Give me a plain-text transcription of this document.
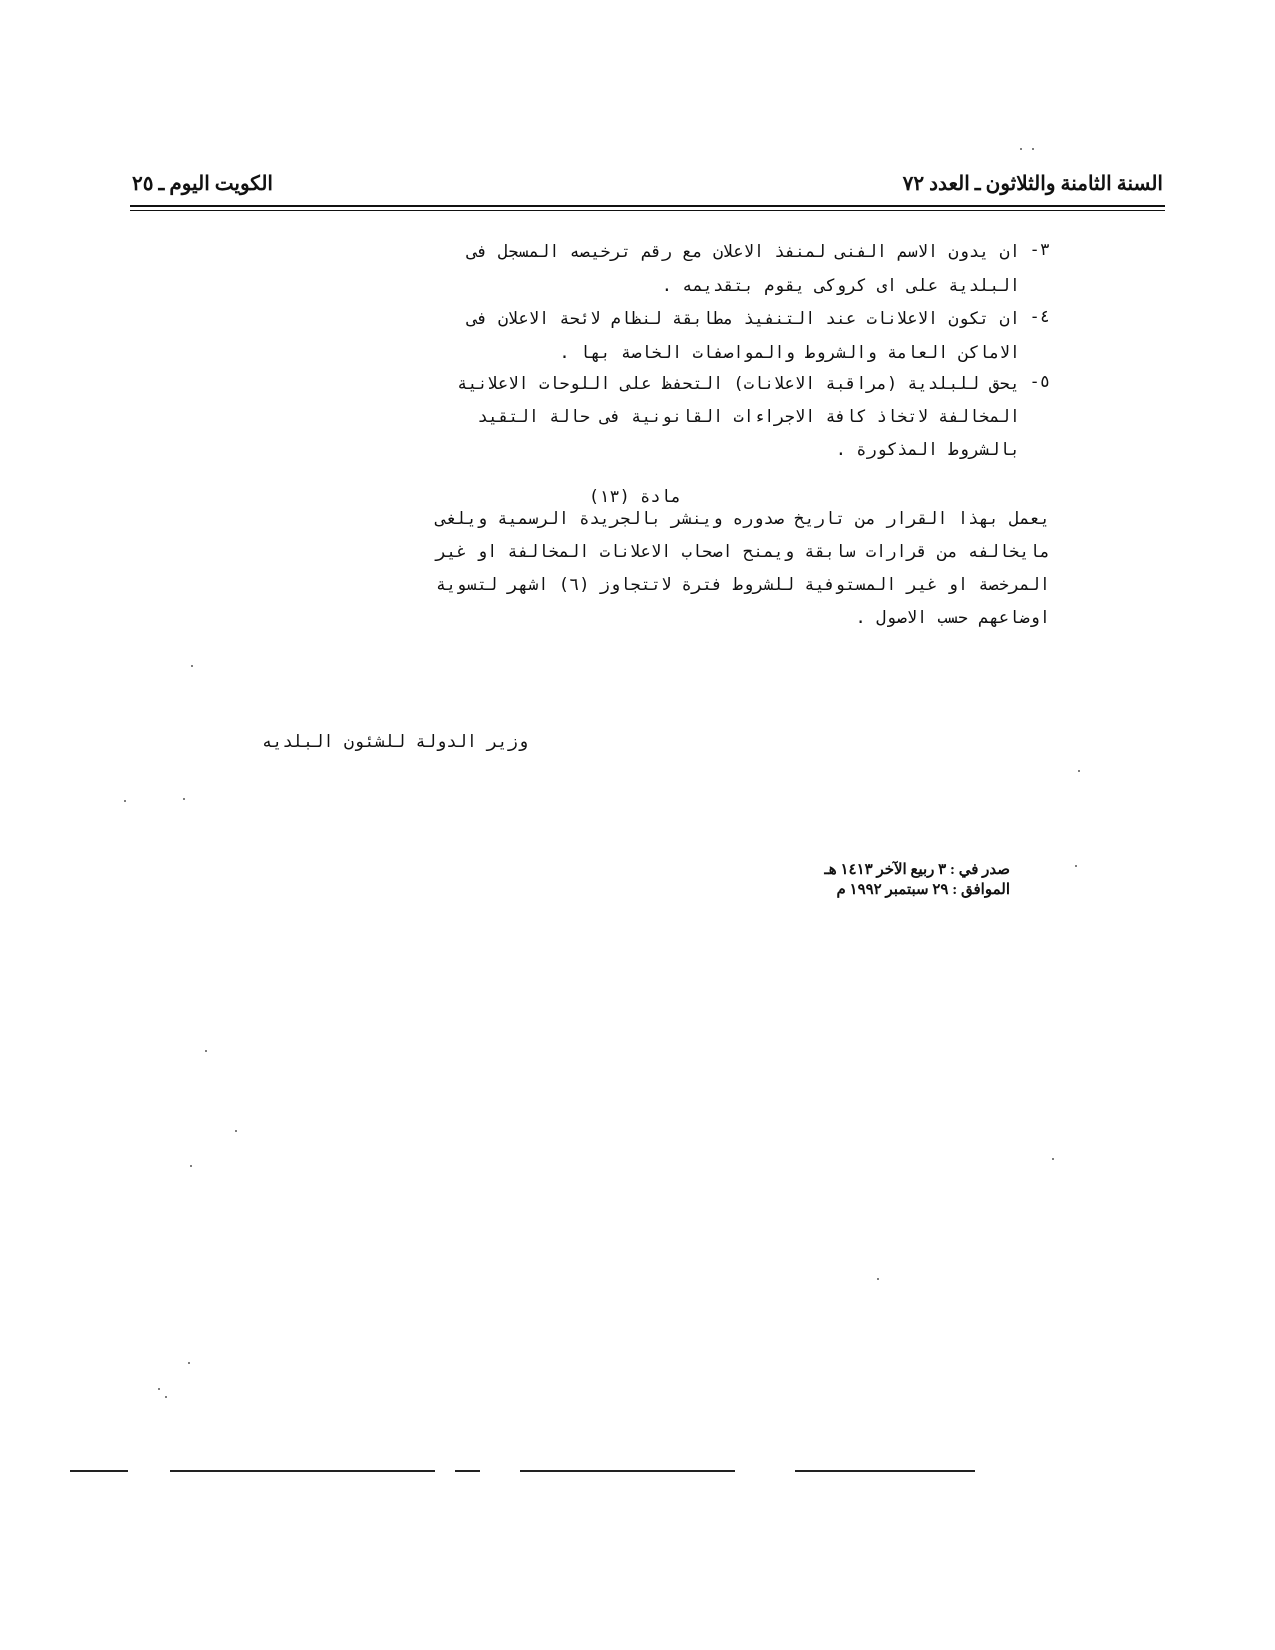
السنة الثامنة والثلاثون ـ العدد ٧٢
الكويت اليوم ـ ٢٥
٣-
ان يدون الاسم الفنى لمنفذ الاعلان مع رقم ترخيصه المسجل فى
البلدية على اى كروكى يقوم بتقديمه .
٤-
ان تكون الاعلانات عند التنفيذ مطابقة لنظام لائحة الاعلان فى
الاماكن العامة والشروط والمواصفات الخاصة بها .
٥-
يحق للبلدية (مراقبة الاعلانات) التحفظ على اللوحات الاعلانية
المخالفة لاتخاذ كافة الاجراءات القانونية فى حالة التقيد
بالشروط المذكورة .
مادة (١٣)
يعمل بهذا القرار من تاريخ صدوره وينشر بالجريدة الرسمية ويلغى
مايخالفه من قرارات سابقة ويمنح اصحاب الاعلانات المخالفة او غير
المرخصة او غير المستوفية للشروط فترة لاتتجاوز (٦) اشهر لتسوية
اوضاعهم حسب الاصول .
وزير الدولة للشئون البلديه
صدر في : ٣ ربيع الآخر ١٤١٣ هـ
الموافق : ٢٩ سبتمبر ١٩٩٢ م
